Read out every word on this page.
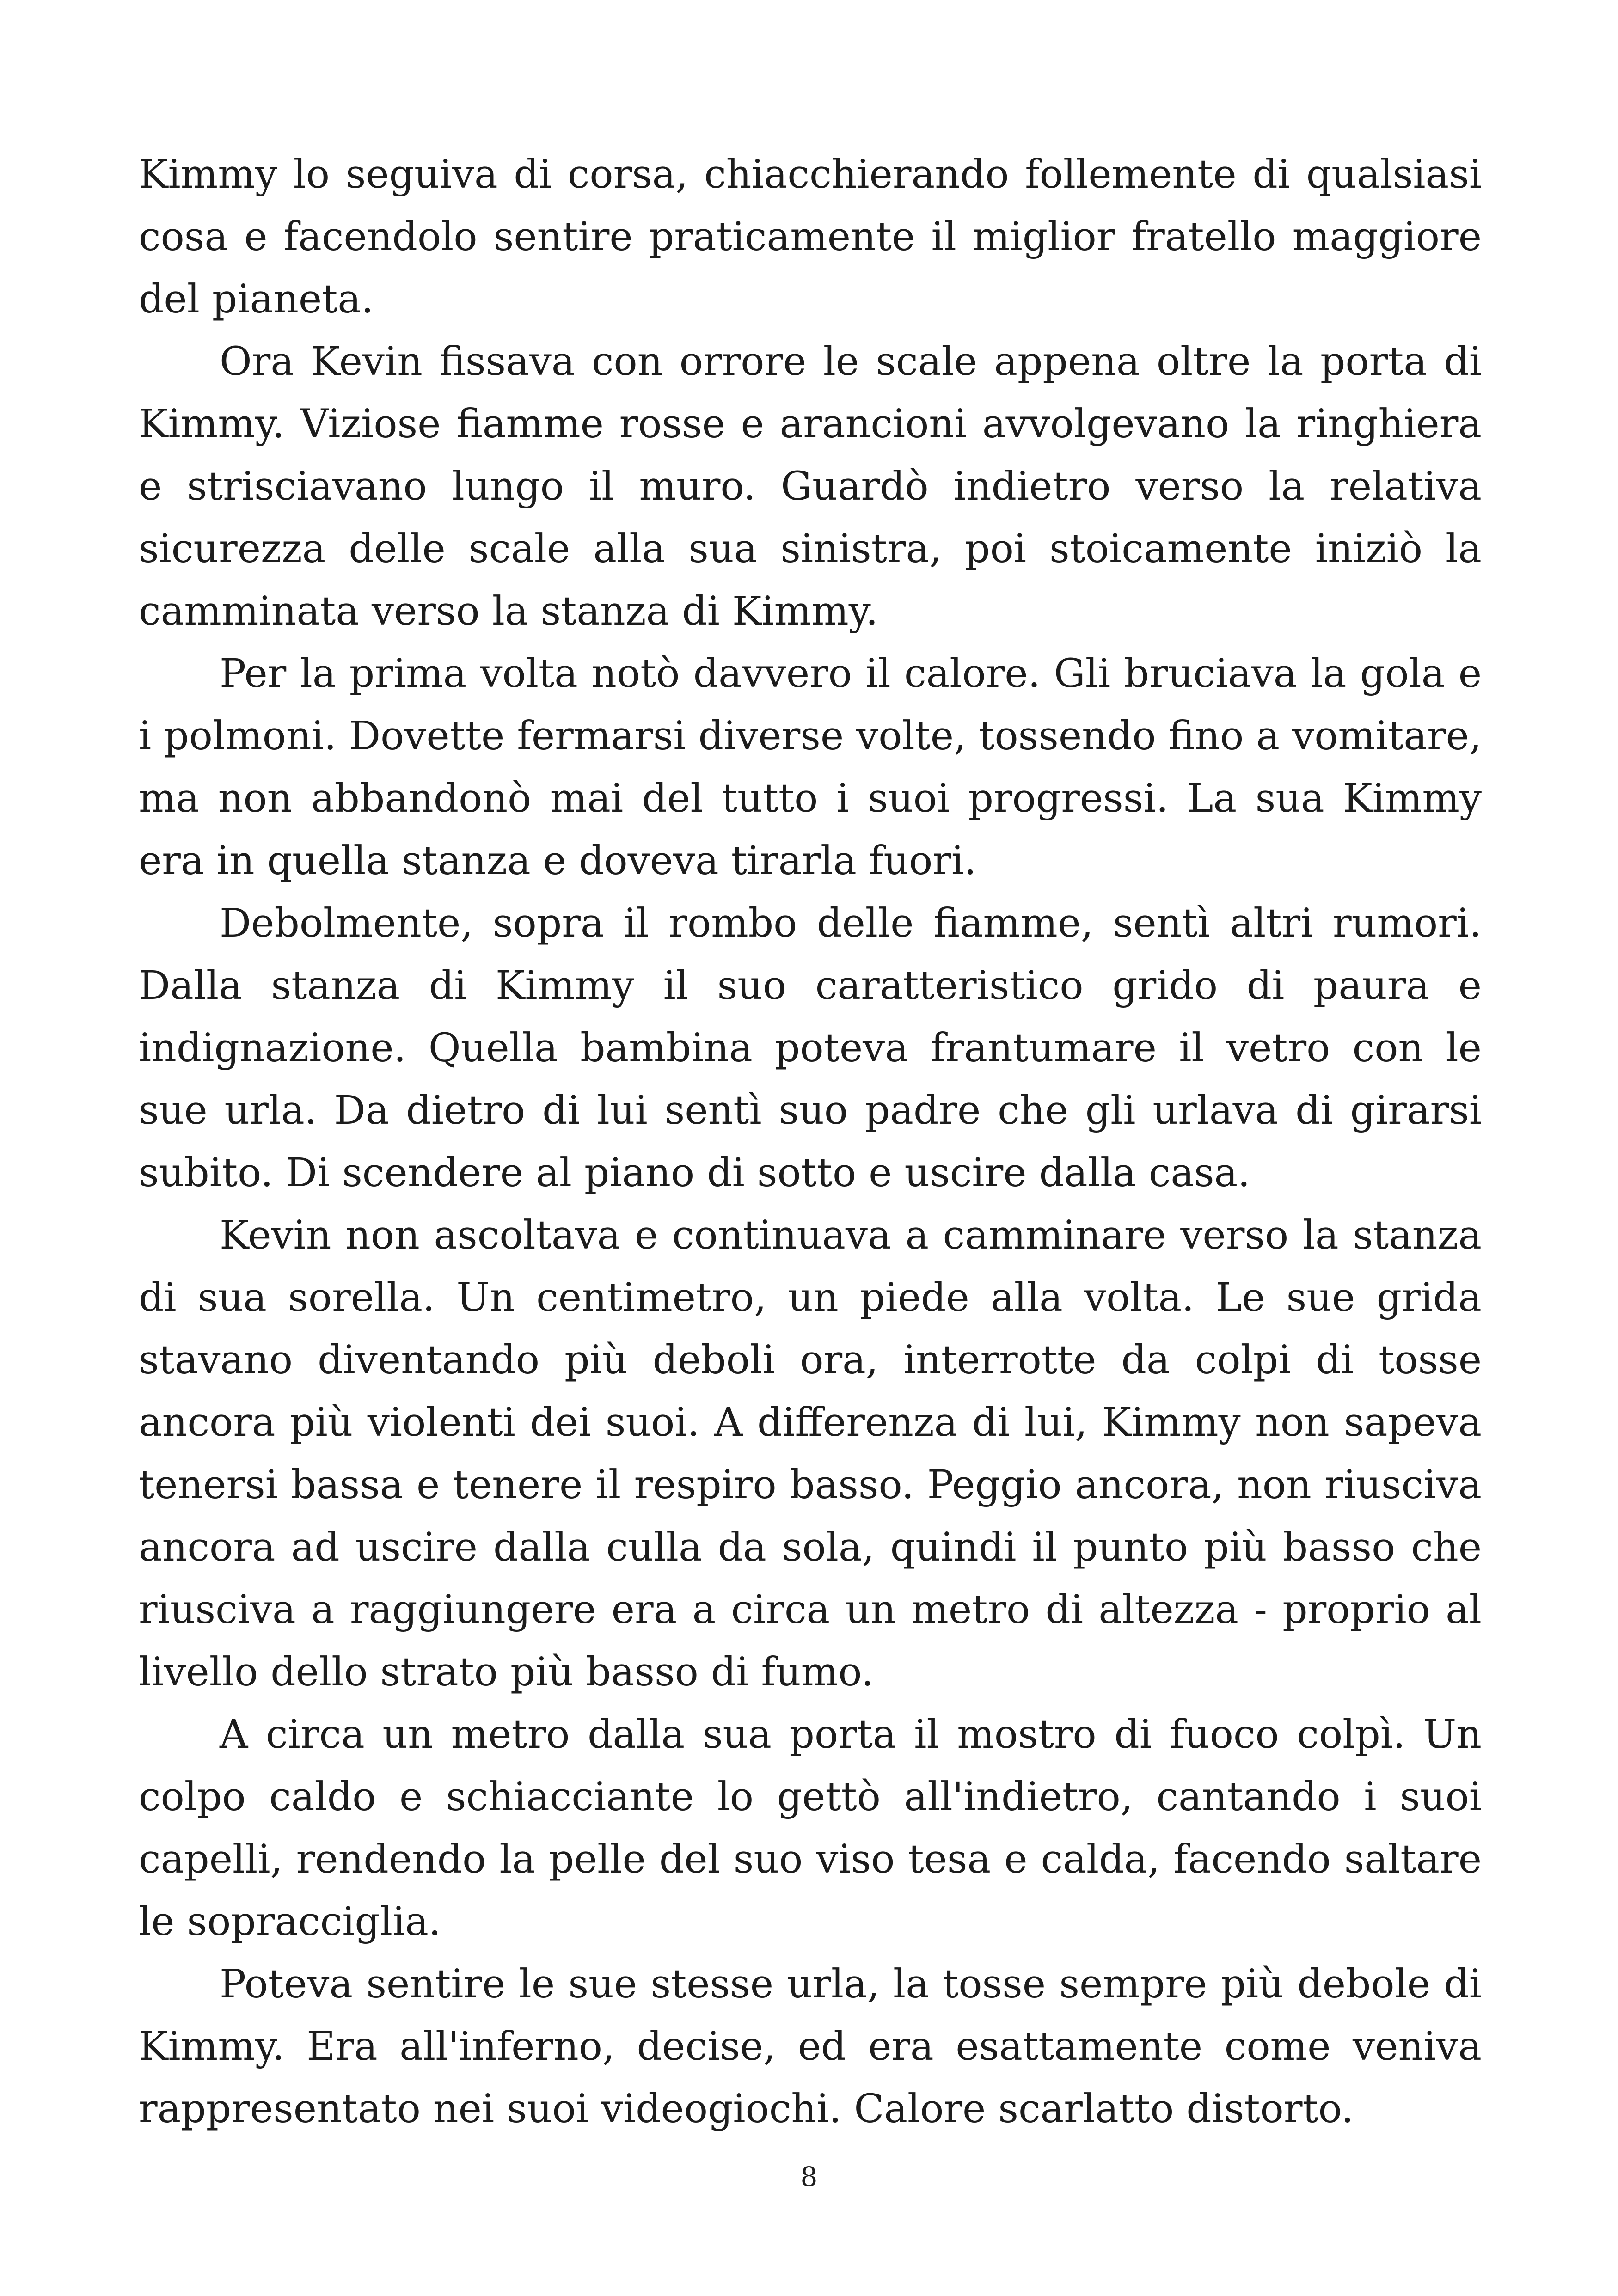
Kimmy lo seguiva di corsa, chiacchierando follemente di qualsiasi cosa e facendolo sentire praticamente il miglior fratello maggiore del pianeta.

Ora Kevin fissava con orrore le scale appena oltre la porta di Kimmy. Viziose fiamme rosse e arancioni avvolgevano la ringhiera e strisciavano lungo il muro. Guardò indietro verso la relativa sicurezza delle scale alla sua sinistra, poi stoicamente iniziò la camminata verso la stanza di Kimmy.

Per la prima volta notò davvero il calore. Gli bruciava la gola e i polmoni. Dovette fermarsi diverse volte, tossendo fino a vomitare, ma non abbandonò mai del tutto i suoi progressi. La sua Kimmy era in quella stanza e doveva tirarla fuori.

Debolmente, sopra il rombo delle fiamme, sentì altri rumori. Dalla stanza di Kimmy il suo caratteristico grido di paura e indignazione. Quella bambina poteva frantumare il vetro con le sue urla. Da dietro di lui sentì suo padre che gli urlava di girarsi subito. Di scendere al piano di sotto e uscire dalla casa.

Kevin non ascoltava e continuava a camminare verso la stanza di sua sorella. Un centimetro, un piede alla volta. Le sue grida stavano diventando più deboli ora, interrotte da colpi di tosse ancora più violenti dei suoi. A differenza di lui, Kimmy non sapeva tenersi bassa e tenere il respiro basso. Peggio ancora, non riusciva ancora ad uscire dalla culla da sola, quindi il punto più basso che riusciva a raggiungere era a circa un metro di altezza - proprio al livello dello strato più basso di fumo.

A circa un metro dalla sua porta il mostro di fuoco colpì. Un colpo caldo e schiacciante lo gettò all'indietro, cantando i suoi capelli, rendendo la pelle del suo viso tesa e calda, facendo saltare le sopracciglia.

Poteva sentire le sue stesse urla, la tosse sempre più debole di Kimmy. Era all'inferno, decise, ed era esattamente come veniva rappresentato nei suoi videogiochi. Calore scarlatto distorto.

8
